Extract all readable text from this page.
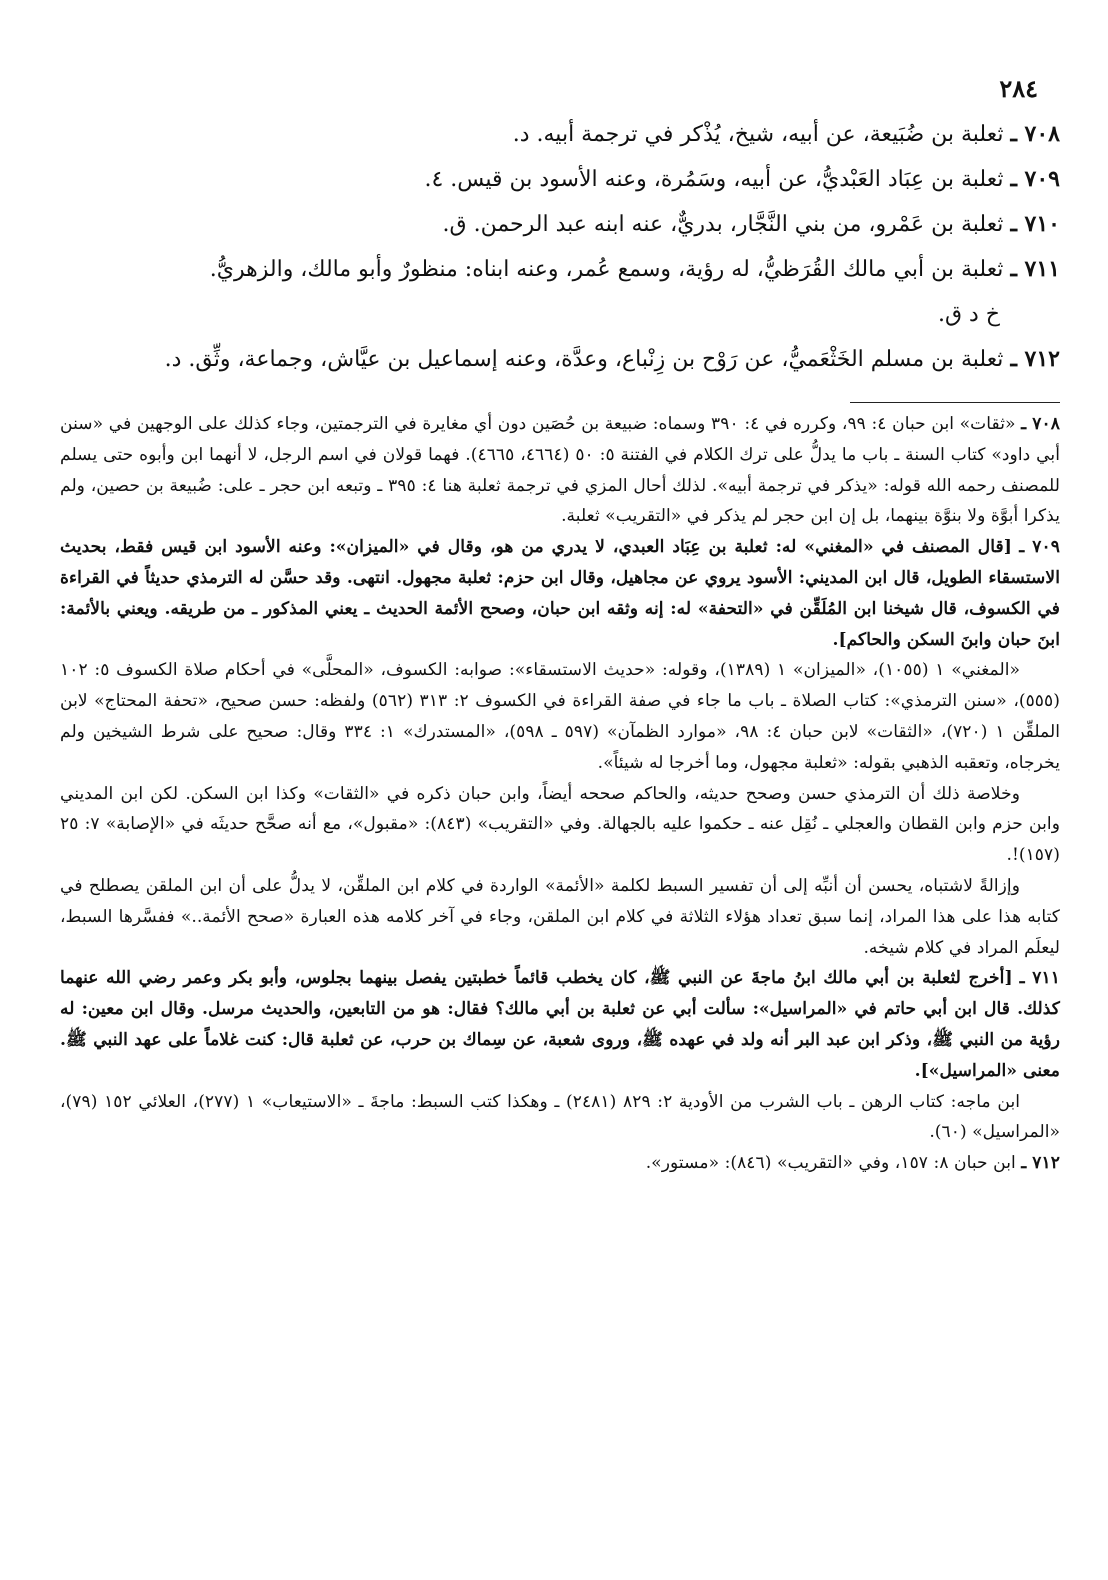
٢٨٤

٧٠٨ ـ ثعلبة بن ضُبَيعة، عن أبيه، شيخ، يُذْكر في ترجمة أبيه. د.

٧٠٩ ـ ثعلبة بن عِبَاد العَبْديُّ، عن أبيه، وسَمُرة، وعنه الأسود بن قيس. ٤.

٧١٠ ـ ثعلبة بن عَمْرو، من بني النَّجَّار، بدريٌّ، عنه ابنه عبد الرحمن. ق.

٧١١ ـ ثعلبة بن أبي مالك القُرَظيُّ، له رؤية، وسمع عُمر، وعنه ابناه: منظورٌ وأبو مالك، والزهريُّ.

خ د ق.

٧١٢ ـ ثعلبة بن مسلم الخَثْعَميُّ، عن رَوْح بن زِنْباع، وعدَّة، وعنه إسماعيل بن عيَّاش، وجماعة، وثِّق. د.

٧٠٨ ـ «ثقات» ابن حبان ٤: ٩٩، وكرره في ٤: ٣٩٠ وسماه: ضبيعة بن حُصَين دون أي مغايرة في الترجمتين، وجاء كذلك على الوجهين في «سنن أبي داود» كتاب السنة ـ باب ما يدلُّ على ترك الكلام في الفتنة ٥: ٥٠ (٤٦٦٤، ٤٦٦٥). فهما قولان في اسم الرجل، لا أنهما ابن وأبوه حتى يسلم للمصنف رحمه الله قوله: «يذكر في ترجمة أبيه». لذلك أحال المزي في ترجمة ثعلبة هنا ٤: ٣٩٥ ـ وتبعه ابن حجر ـ على: ضُبيعة بن حصين، ولم يذكرا أبوَّة ولا بنوَّة بينهما، بل إن ابن حجر لم يذكر في «التقريب» ثعلبة.

٧٠٩ ـ [قال المصنف في «المغني» له: ثعلبة بن عِبَاد العبدي، لا يدري من هو، وقال في «الميزان»: وعنه الأسود ابن قيس فقط، بحديث الاستسقاء الطويل، قال ابن المديني: الأسود يروي عن مجاهيل، وقال ابن حزم: ثعلبة مجهول. انتهى. وقد حسَّن له الترمذي حديثاً في القراءة في الكسوف، قال شيخنا ابن المُلَقِّن في «التحفة» له: إنه وثقه ابن حبان، وصحح الأئمة الحديث ـ يعني المذكور ـ من طريقه. ويعني بالأئمة: ابنَ حبان وابنَ السكن والحاكم].

«المغني» ١ (١٠٥٥)، «الميزان» ١ (١٣٨٩)، وقوله: «حديث الاستسقاء»: صوابه: الكسوف، «المحلَّى» في أحكام صلاة الكسوف ٥: ١٠٢ (٥٥٥)، «سنن الترمذي»: كتاب الصلاة ـ باب ما جاء في صفة القراءة في الكسوف ٢: ٣١٣ (٥٦٢) ولفظه: حسن صحيح، «تحفة المحتاج» لابن الملقِّن ١ (٧٢٠)، «الثقات» لابن حبان ٤: ٩٨، «موارد الظمآن» (٥٩٧ ـ ٥٩٨)، «المستدرك» ١: ٣٣٤ وقال: صحيح على شرط الشيخين ولم يخرجاه، وتعقبه الذهبي بقوله: «ثعلبة مجهول، وما أخرجا له شيئاً».

وخلاصة ذلك أن الترمذي حسن وصحح حديثه، والحاكم صححه أيضاً، وابن حبان ذكره في «الثقات» وكذا ابن السكن. لكن ابن المديني وابن حزم وابن القطان والعجلي ـ نُقِل عنه ـ حكموا عليه بالجهالة. وفي «التقريب» (٨٤٣): «مقبول»، مع أنه صحَّح حديثَه في «الإصابة» ٧: ٢٥ (١٥٧)!.

وإزالةً لاشتباه، يحسن أن أنبِّه إلى أن تفسير السبط لكلمة «الأئمة» الواردة في كلام ابن الملقِّن، لا يدلُّ على أن ابن الملقن يصطلح في كتابه هذا على هذا المراد، إنما سبق تعداد هؤلاء الثلاثة في كلام ابن الملقن، وجاء في آخر كلامه هذه العبارة «صحح الأئمة..» ففسَّرها السبط، ليعلَم المراد في كلام شيخه.

٧١١ ـ [أخرج لثعلبة بن أبي مالك ابنُ ماجةَ عن النبي ﷺ، كان يخطب قائماً خطبتين يفصل بينهما بجلوس، وأبو بكر وعمر رضي الله عنهما كذلك. قال ابن أبي حاتم في «المراسيل»: سألت أبي عن ثعلبة بن أبي مالك؟ فقال: هو من التابعين، والحديث مرسل. وقال ابن معين: له رؤية من النبي ﷺ، وذكر ابن عبد البر أنه ولد في عهده ﷺ، وروى شعبة، عن سِماك بن حرب، عن ثعلبة قال: كنت غلاماً على عهد النبي ﷺ. معنى «المراسيل»].

ابن ماجه: كتاب الرهن ـ باب الشرب من الأودية ٢: ٨٢٩ (٢٤٨١) ـ وهكذا كتب السبط: ماجةَ ـ «الاستيعاب» ١ (٢٧٧)، العلائي ١٥٢ (٧٩)، «المراسيل» (٦٠).

٧١٢ ـ ابن حبان ٨: ١٥٧، وفي «التقريب» (٨٤٦): «مستور».
